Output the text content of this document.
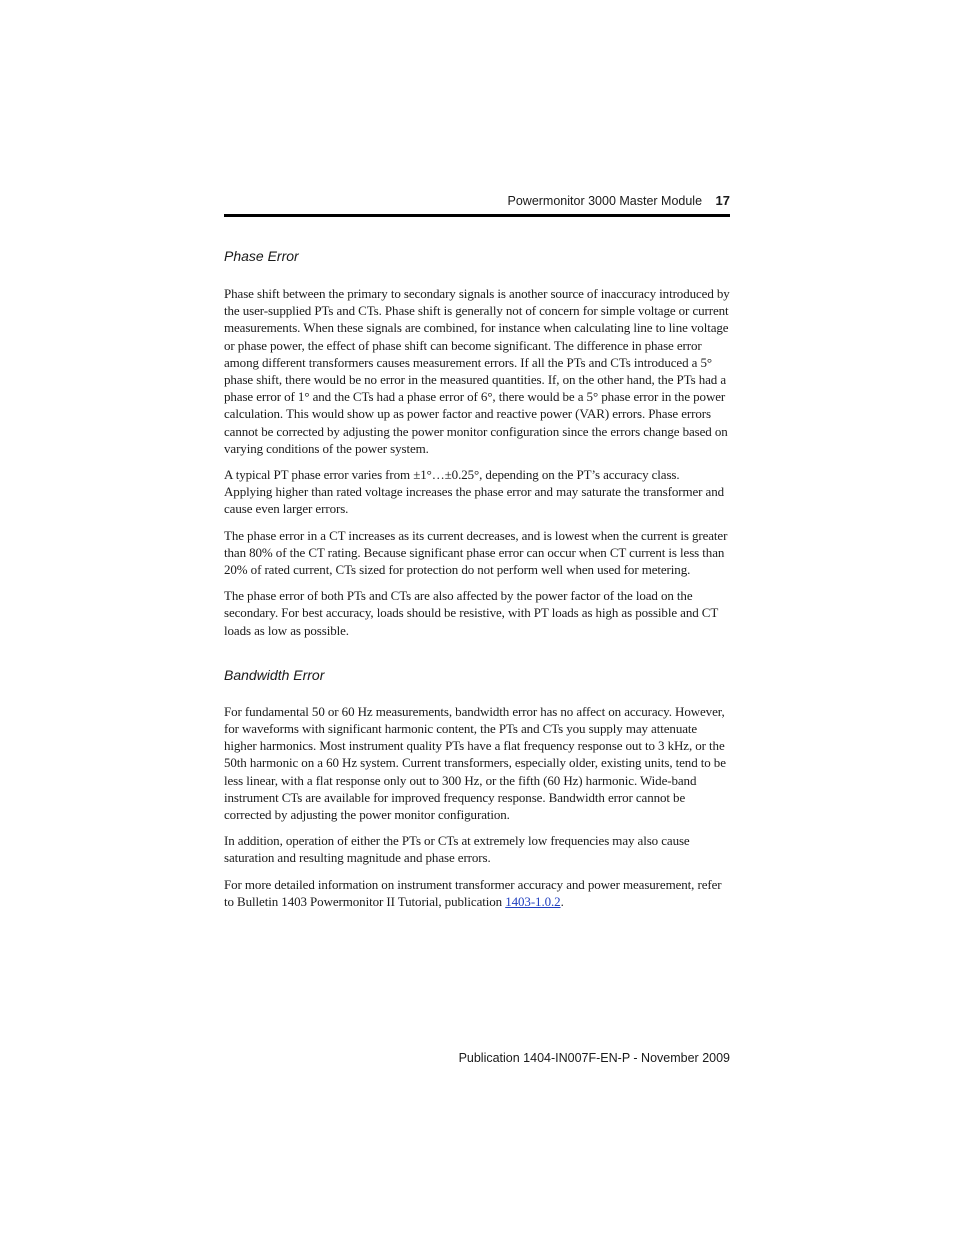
Powermonitor 3000 Master Module 17
Phase Error

Phase shift between the primary to secondary signals is another source of inaccuracy introduced by the user-supplied PTs and CTs. Phase shift is generally not of concern for simple voltage or current measurements. When these signals are combined, for instance when calculating line to line voltage or phase power, the effect of phase shift can become significant. The difference in phase error among different transformers causes measurement errors. If all the PTs and CTs introduced a 5° phase shift, there would be no error in the measured quantities. If, on the other hand, the PTs had a phase error of 1° and the CTs had a phase error of 6°, there would be a 5° phase error in the power calculation. This would show up as power factor and reactive power (VAR) errors. Phase errors cannot be corrected by adjusting the power monitor configuration since the errors change based on varying conditions of the power system.

A typical PT phase error varies from ±1°…±0.25°, depending on the PT’s accuracy class. Applying higher than rated voltage increases the phase error and may saturate the transformer and cause even larger errors.

The phase error in a CT increases as its current decreases, and is lowest when the current is greater than 80% of the CT rating. Because significant phase error can occur when CT current is less than 20% of rated current, CTs sized for protection do not perform well when used for metering.

The phase error of both PTs and CTs are also affected by the power factor of the load on the secondary. For best accuracy, loads should be resistive, with PT loads as high as possible and CT loads as low as possible.

Bandwidth Error

For fundamental 50 or 60 Hz measurements, bandwidth error has no affect on accuracy. However, for waveforms with significant harmonic content, the PTs and CTs you supply may attenuate higher harmonics. Most instrument quality PTs have a flat frequency response out to 3 kHz, or the 50th harmonic on a 60 Hz system. Current transformers, especially older, existing units, tend to be less linear, with a flat response only out to 300 Hz, or the fifth (60 Hz) harmonic. Wide-band instrument CTs are available for improved frequency response. Bandwidth error cannot be corrected by adjusting the power monitor configuration.

In addition, operation of either the PTs or CTs at extremely low frequencies may also cause saturation and resulting magnitude and phase errors.

For more detailed information on instrument transformer accuracy and power measurement, refer to Bulletin 1403 Powermonitor II Tutorial, publication 1403-1.0.2.

Publication 1404-IN007F-EN-P - November 2009
